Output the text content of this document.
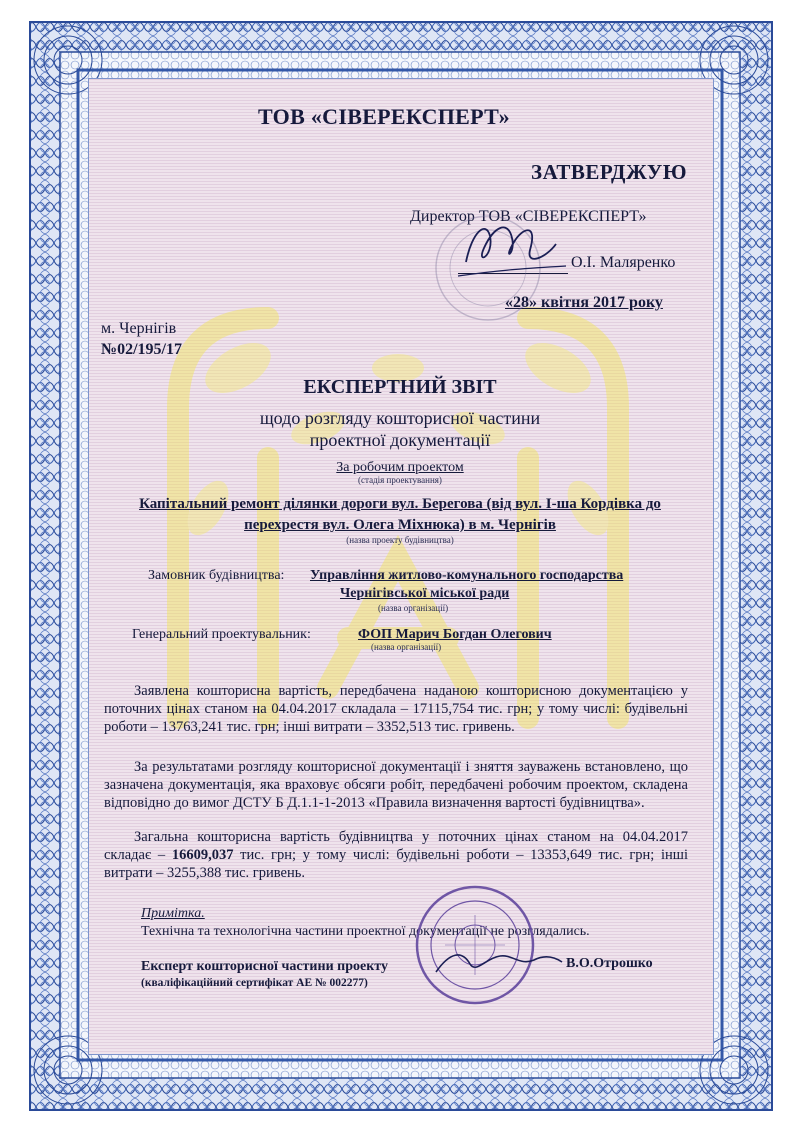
ТОВ «СІВЕРЕКСПЕРТ»
ЗАТВЕРДЖУЮ
Директор ТОВ «СІВЕРЕКСПЕРТ»
О.І. Маляренко
«28» квітня 2017 року
м. Чернігів
№02/195/17
ЕКСПЕРТНИЙ ЗВІТ
щодо розгляду кошторисної частини
проектної документації
За робочим проектом
(стадія проектування)
Капітальний ремонт ділянки дороги вул. Берегова (від вул. І-ша Кордівка до
перехрестя вул. Олега Міхнюка) в м. Чернігів
(назва проекту будівництва)
Замовник будівництва: Управління житлово-комунального господарства
Чернігівської міської ради
(назва організації)
Генеральний проектувальник:	ФОП Марич Богдан Олегович
(назва організації)
Заявлена кошторисна вартість, передбачена наданою кошторисною документацією у поточних цінах станом на 04.04.2017 складала – 17115,754 тис. грн; у тому числі: будівельні роботи – 13763,241 тис. грн; інші витрати – 3352,513 тис. гривень.
За результатами розгляду кошторисної документації і зняття зауважень встановлено, що зазначена документація, яка враховує обсяги робіт, передбачені робочим проектом, складена відповідно до вимог ДСТУ Б Д.1.1-1-2013 «Правила визначення вартості будівництва».
Загальна кошторисна вартість будівництва у поточних цінах станом на 04.04.2017 складає – 16609,037 тис. грн; у тому числі: будівельні роботи – 13353,649 тис. грн; інші витрати – 3255,388 тис. гривень.
Примітка.
Технічна та технологічна частини проектної документації не розглядались.
Експерт кошторисної частини проекту	В.О.Отрошко
(кваліфікаційний сертифікат АЕ № 002277)
